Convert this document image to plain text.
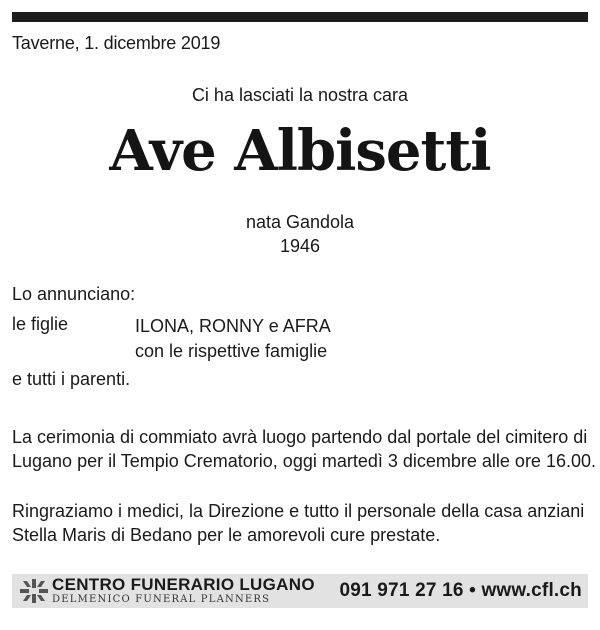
Taverne, 1. dicembre 2019
Ci ha lasciati la nostra cara
Ave Albisetti
nata Gandola
1946
Lo annunciano:
le figlie	ILONA, RONNY e AFRA
con le rispettive famiglie
e tutti i parenti.
La cerimonia di commiato avrà luogo partendo dal portale del cimitero di Lugano per il Tempio Crematorio, oggi martedì 3 dicembre alle ore 16.00.
Ringraziamo i medici, la Direzione e tutto il personale della casa anziani Stella Maris di Bedano per le amorevoli cure prestate.
CENTRO FUNERARIO LUGANO
DELMENICO FUNERAL PLANNERS	091 971 27 16 • www.cfl.ch
